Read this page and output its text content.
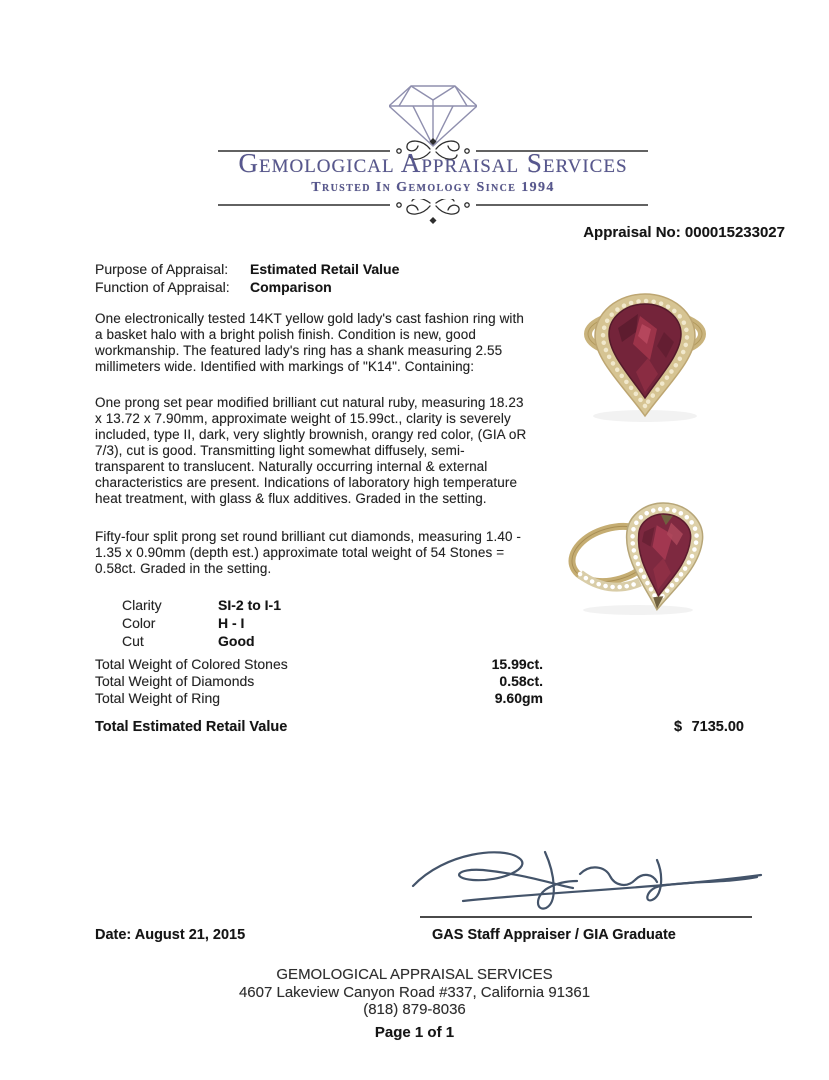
Gemological Appraisal Services
Trusted In Gemology Since 1994
Appraisal No: 000015233027
Purpose of Appraisal:	Estimated Retail Value
Function of Appraisal:	Comparison

One electronically tested 14KT yellow gold lady's cast fashion ring with a basket halo with a bright polish finish. Condition is new, good workmanship. The featured lady's ring has a shank measuring 2.55 millimeters wide. Identified with markings of "K14". Containing:

One prong set pear modified brilliant cut natural ruby, measuring 18.23 x 13.72 x 7.90mm, approximate weight of 15.99ct., clarity is severely included, type II, dark, very slightly brownish, orangy red color, (GIA oR 7/3), cut is good. Transmitting light somewhat diffusely, semi-transparent to translucent. Naturally occurring internal & external characteristics are present. Indications of laboratory high temperature heat treatment, with glass & flux additives. Graded in the setting.

Fifty-four split prong set round brilliant cut diamonds, measuring 1.40 - 1.35 x 0.90mm (depth est.) approximate total weight of 54 Stones = 0.58ct. Graded in the setting.

Clarity	SI-2 to I-1
Color	H - I
Cut	Good
Total Weight of Colored Stones	15.99ct.
Total Weight of Diamonds	0.58ct.
Total Weight of Ring	9.60gm
Total Estimated Retail Value	$ 7135.00
Date: August 21, 2015	GAS Staff Appraiser / GIA Graduate
GEMOLOGICAL APPRAISAL SERVICES
4607 Lakeview Canyon Road #337, California 91361
(818) 879-8036
Page 1 of 1
